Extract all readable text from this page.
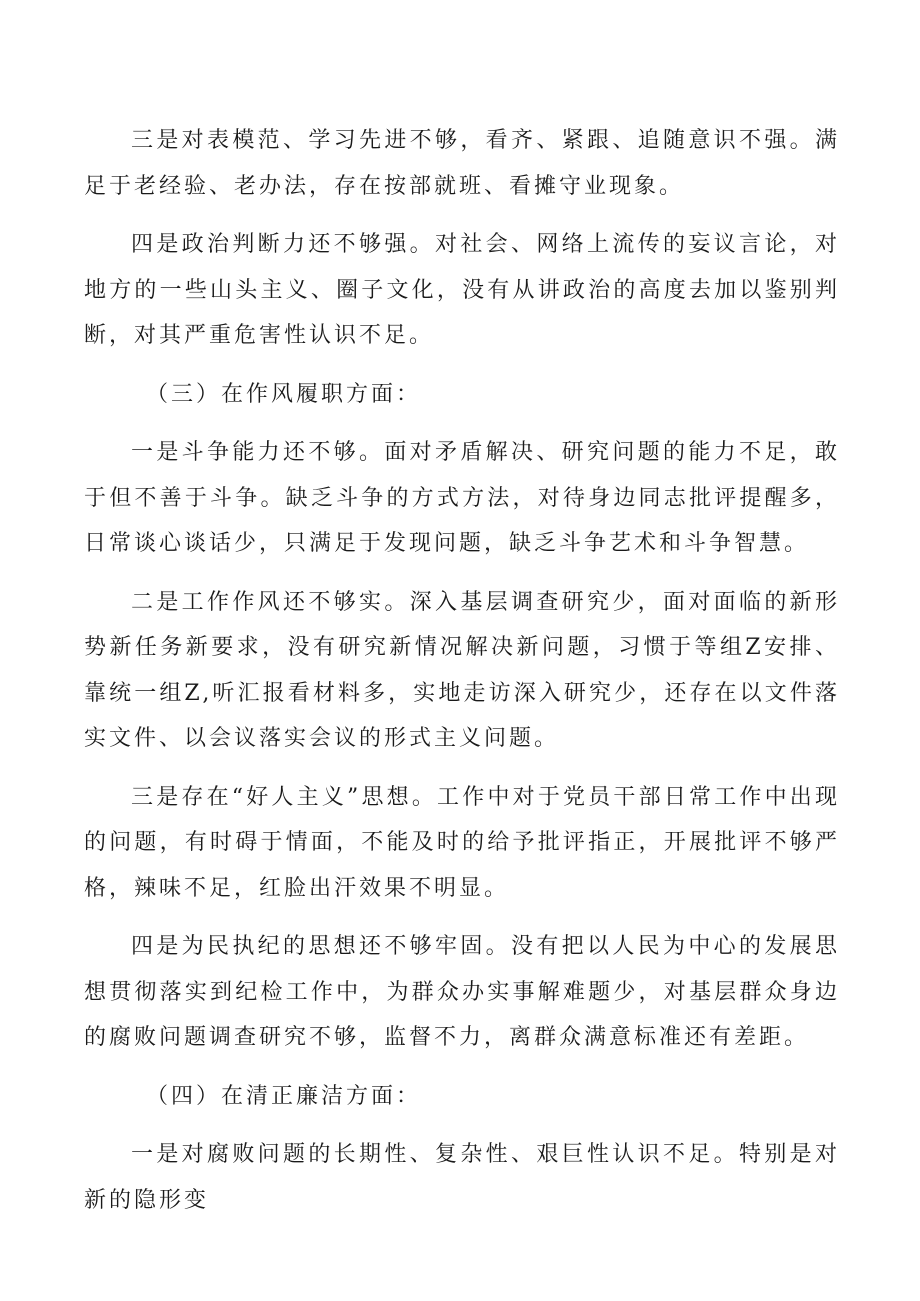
三是对表模范、学习先进不够，看齐、紧跟、追随意识不强。满足于老经验、老办法，存在按部就班、看摊守业现象。

四是政治判断力还不够强。对社会、网络上流传的妄议言论，对地方的一些山头主义、圈子文化，没有从讲政治的高度去加以鉴别判断，对其严重危害性认识不足。

（三）在作风履职方面：

一是斗争能力还不够。面对矛盾解决、研究问题的能力不足，敢于但不善于斗争。缺乏斗争的方式方法，对待身边同志批评提醒多，日常谈心谈话少，只满足于发现问题，缺乏斗争艺术和斗争智慧。

二是工作作风还不够实。深入基层调查研究少，面对面临的新形势新任务新要求，没有研究新情况解决新问题，习惯于等组Z安排、靠统一组Z,听汇报看材料多，实地走访深入研究少，还存在以文件落实文件、以会议落实会议的形式主义问题。

三是存在“好人主义”思想。工作中对于党员干部日常工作中出现的问题，有时碍于情面，不能及时的给予批评指正，开展批评不够严格，辣味不足，红脸出汗效果不明显。

四是为民执纪的思想还不够牢固。没有把以人民为中心的发展思想贯彻落实到纪检工作中，为群众办实事解难题少，对基层群众身边的腐败问题调查研究不够，监督不力，离群众满意标准还有差距。

（四）在清正廉洁方面：

一是对腐败问题的长期性、复杂性、艰巨性认识不足。特别是对新的隐形变
